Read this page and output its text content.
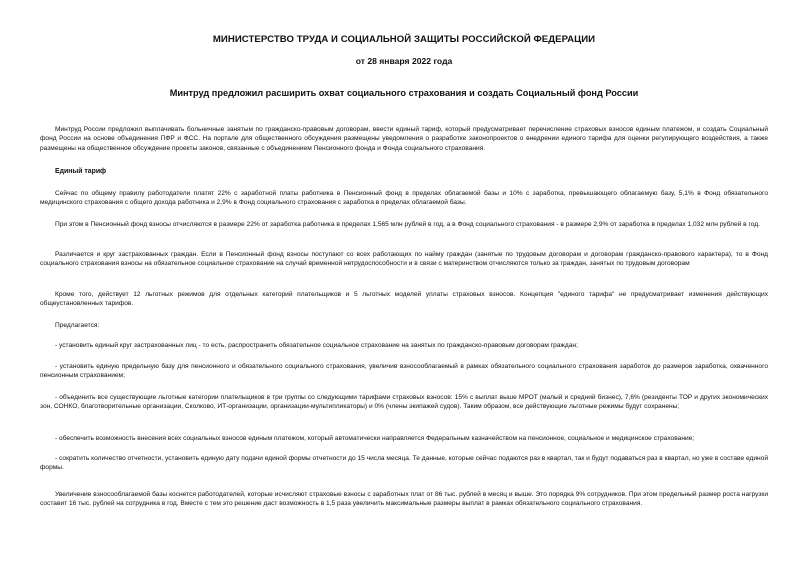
МИНИСТЕРСТВО ТРУДА И СОЦИАЛЬНОЙ ЗАЩИТЫ РОССИЙСКОЙ ФЕДЕРАЦИИ
от 28 января 2022 года
Минтруд предложил расширить охват социального страхования и создать Социальный фонд России
Минтруд России предложил выплачивать больничные занятым по гражданско-правовым договорам, ввести единый тариф, который предусматривает перечисление страховых взносов единым платежом, и создать Социальный фонд России на основе объединения ПФР и ФСС. На портале для общественного обсуждения размещены уведомления о разработке законопроектов о внедрении единого тарифа для оценки регулирующего воздействия, а также размещены на общественное обсуждение проекты законов, связанные с объединением Пенсионного фонда и Фонда социального страхования.
Единый тариф
Сейчас по общему правилу работодатели платят 22% с заработной платы работника в Пенсионный фонд в пределах облагаемой базы и 10% с заработка, превышающего облагаемую базу, 5,1% в Фонд обязательного медицинского страхования с общего дохода работника и 2,9% в Фонд социального страхования с заработка в пределах облагаемой базы.
При этом в Пенсионный фонд взносы отчисляются в размере 22% от заработка работника в пределах 1,565 млн рублей в год, а в Фонд социального страхования - в размере 2,9% от заработка в пределах 1,032 млн рублей в год.
Различается и круг застрахованных граждан. Если в Пенсионный фонд взносы поступают со всех работающих по найму граждан (занятые по трудовым договорам и договорам гражданско-правового характера), то в Фонд социального страхования взносы на обязательное социальное страхование на случай временной нетрудоспособности и в связи с материнством отчисляются только за граждан, занятых по трудовым договорам
Кроме того, действует 12 льготных режимов для отдельных категорий плательщиков и 5 льготных моделей уплаты страховых взносов. Концепция "единого тарифа" не предусматривает изменения действующих общеустановленных тарифов.
Предлагается:
- установить единый круг застрахованных лиц - то есть, распространить обязательное социальное страхование на занятых по гражданско-правовым договорам граждан;
- установить единую предельную базу для пенсионного и обязательного социального страхования, увеличив взносооблагаемый в рамках обязательного социального страхования заработок до размеров заработка, охваченного пенсионным страхованием;
- объединить все существующие льготные категории плательщиков в три группы со следующими тарифами страховых взносов: 15% с выплат выше МРОТ (малый и средний бизнес), 7,6% (резиденты ТОР и других экономических зон, СОНКО, благотворительные организации, Сколково, ИТ-организации, организации-мультипликаторы) и 0% (члены экипажей судов). Таким образом, все действующие льготные режимы будут сохранены;
- обеспечить возможность внесения всех социальных взносов единым платежом, который автоматически направляется Федеральным казначейством на пенсионное, социальное и медицинское страхование;
- сократить количество отчетности, установить единую дату подачи единой формы отчетности до 15 числа месяца. Те данные, которые сейчас подаются раз в квартал, так и будут подаваться раз в квартал, но уже в составе единой формы.
Увеличение взносооблагаемой базы коснется работодателей, которые исчисляют страховые взносы с заработных плат от 86 тыс. рублей в месяц и выше. Это порядка 9% сотрудников. При этом предельный размер роста нагрузки составит 16 тыс. рублей на сотрудника в год. Вместе с тем это решение даст возможность в 1,5 раза увеличить максимальные размеры выплат в рамках обязательного социального страхования.
